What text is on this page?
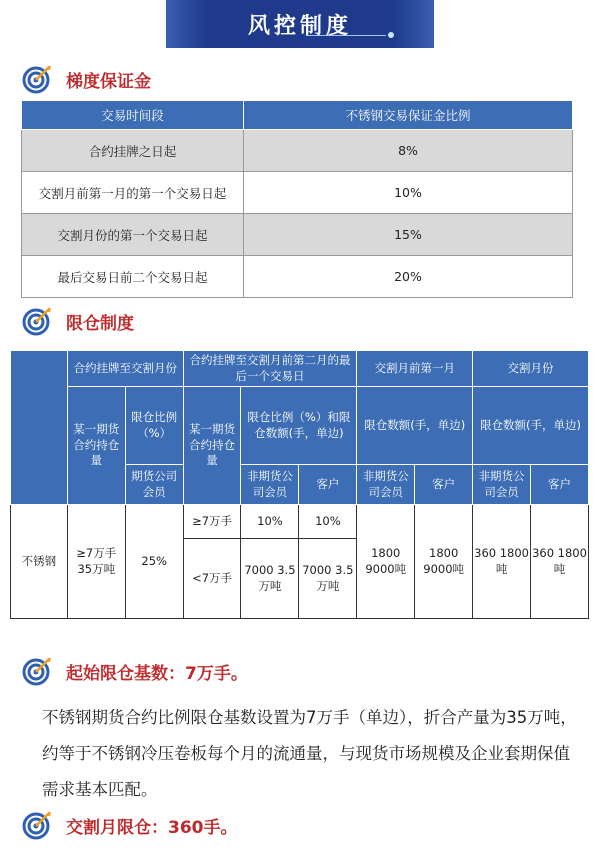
风控制度
梯度保证金
交易时间段	不锈钢交易保证金比例
合约挂牌之日起	8%
交割月前第一月的第一个交易日起	10%
交割月份的第一个交易日起	15%
最后交易日前二个交易日起	20%
限仓制度
	合约挂牌至交割月份		合约挂牌至交割月前第二月的最后一个交易日			交割月前第一月		交割月份	
	某一期货合约持仓量	限仓比例（%）	某一期货合约持仓量	限仓比例（%）和限仓数额(手，单边)		限仓数额(手，单边)		限仓数额(手，单边)	
		期货公司会员		非期货公司会员	客户	非期货公司会员	客户	非期货公司会员	客户
不锈钢	≥7万手 35万吨	25%	≥7万手	10%	10%	1800 9000吨	1800 9000吨	360 1800吨	360 1800吨
			<7万手	7000 3.5万吨	7000 3.5万吨				
起始限仓基数：7万手。
不锈钢期货合约比例限仓基数设置为7万手（单边），折合产量为35万吨，约等于不锈钢冷压卷板每个月的流通量，与现货市场规模及企业套期保值需求基本匹配。
交割月限仓：360手。
